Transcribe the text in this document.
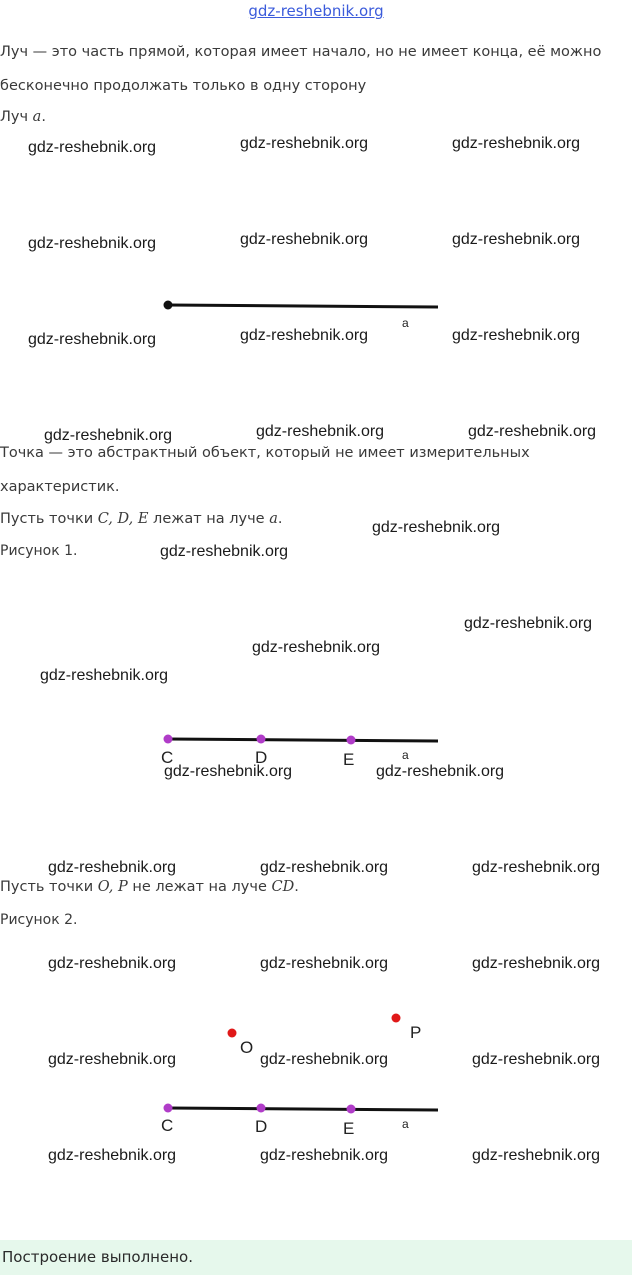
gdz-reshebnik.org
Луч — это часть прямой, которая имеет начало, но не имеет конца, её можно
бесконечно продолжать только в одну сторону
Луч a.
Точка — это абстрактный объект, который не имеет измерительных
характеристик.
Пусть точки C, D, E лежат на луче a.
Рисунок 1.
Пусть точки O, P не лежат на луче CD.
Рисунок 2.
a
C	D	E	a
C	D	E	a
O
P
gdz-reshebnik.org	gdz-reshebnik.org	gdz-reshebnik.org
gdz-reshebnik.org	gdz-reshebnik.org	gdz-reshebnik.org
gdz-reshebnik.org	gdz-reshebnik.org	gdz-reshebnik.org
gdz-reshebnik.org	gdz-reshebnik.org	gdz-reshebnik.org
gdz-reshebnik.org
gdz-reshebnik.org
gdz-reshebnik.org
gdz-reshebnik.org
gdz-reshebnik.org
gdz-reshebnik.org	gdz-reshebnik.org
gdz-reshebnik.org	gdz-reshebnik.org	gdz-reshebnik.org
gdz-reshebnik.org	gdz-reshebnik.org	gdz-reshebnik.org
gdz-reshebnik.org	gdz-reshebnik.org	gdz-reshebnik.org
gdz-reshebnik.org	gdz-reshebnik.org	gdz-reshebnik.org
Построение выполнено.
